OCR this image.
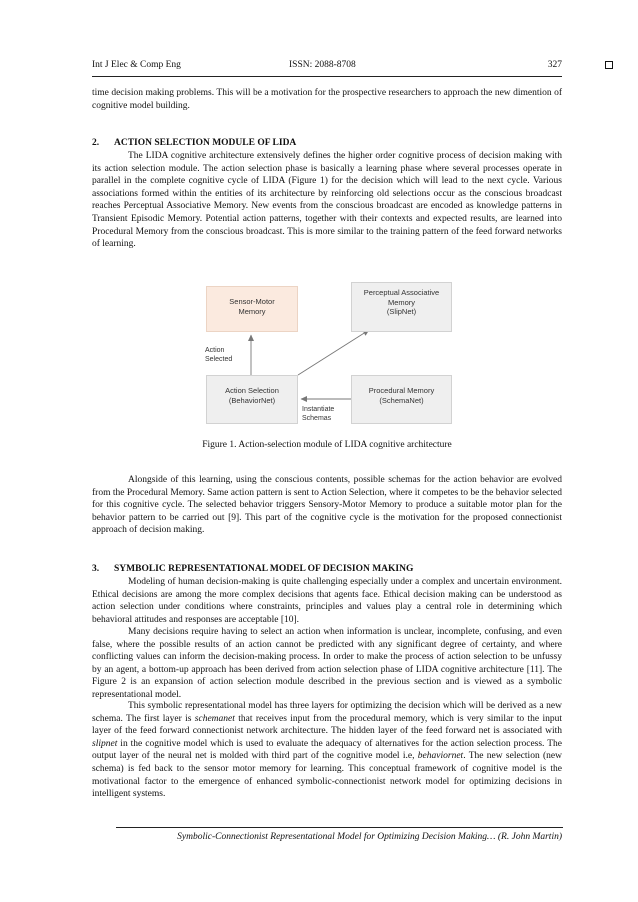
Int J Elec & Comp Eng	ISSN: 2088-8708	327

time decision making problems. This will be a motivation for the prospective researchers to approach the new dimention of cognitive model building.

2. ACTION SELECTION MODULE OF LIDA

The LIDA cognitive architecture extensively defines the higher order cognitive process of decision making with its action selection module. The action selection phase is basically a learning phase where several processes operate in parallel in the complete cognitive cycle of LIDA (Figure 1) for the decision which will lead to the next cycle. Various associations formed within the entities of its architecture by reinforcing old selections occur as the conscious broadcast reaches Perceptual Associative Memory. New events from the conscious broadcast are encoded as knowledge patterns in Transient Episodic Memory. Potential action patterns, together with their contexts and expected results, are learned into Procedural Memory from the conscious broadcast. This is more similar to the training pattern of the feed forward networks of learning.

Sensor-Motor
Memory
Perceptual Associative
Memory
(SlipNet)
Action Selection
(BehaviorNet)
Procedural Memory
(SchemaNet)
Action
Selected
Instantiate
Schemas
Figure 1. Action-selection module of LIDA cognitive architecture

Alongside of this learning, using the conscious contents, possible schemas for the action behavior are evolved from the Procedural Memory. Same action pattern is sent to Action Selection, where it competes to be the behavior selected for this cognitive cycle. The selected behavior triggers Sensory-Motor Memory to produce a suitable motor plan for the behavior pattern to be carried out [9]. This part of the cognitive cycle is the motivation for the proposed connectionist approach of decision making.

3. SYMBOLIC REPRESENTATIONAL MODEL OF DECISION MAKING

Modeling of human decision-making is quite challenging especially under a complex and uncertain environment. Ethical decisions are among the more complex decisions that agents face. Ethical decision making can be understood as action selection under conditions where constraints, principles and values play a central role in determining which behavioral attitudes and responses are acceptable [10].

Many decisions require having to select an action when information is unclear, incomplete, confusing, and even false, where the possible results of an action cannot be predicted with any significant degree of certainty, and where conflicting values can inform the decision-making process. In order to make the process of action selection to be unfussy by an agent, a bottom-up approach has been derived from action selection phase of LIDA cognitive architecture [11]. The Figure 2 is an expansion of action selection module described in the previous section and is viewed as a symbolic representational model.

This symbolic representational model has three layers for optimizing the decision which will be derived as a new schema. The first layer is schemanet that receives input from the procedural memory, which is very similar to the input layer of the feed forward connectionist network architecture. The hidden layer of the feed forward net is associated with slipnet in the cognitive model which is used to evaluate the adequacy of alternatives for the action selection process. The output layer of the neural net is molded with third part of the cognitive model i.e, behaviornet. The new selection (new schema) is fed back to the sensor motor memory for learning. This conceptual framework of cognitive model is the motivational factor to the emergence of enhanced symbolic-connectionist network model for optimizing decisions in intelligent systems.

Symbolic-Connectionist Representational Model for Optimizing Decision Making… (R. John Martin)
